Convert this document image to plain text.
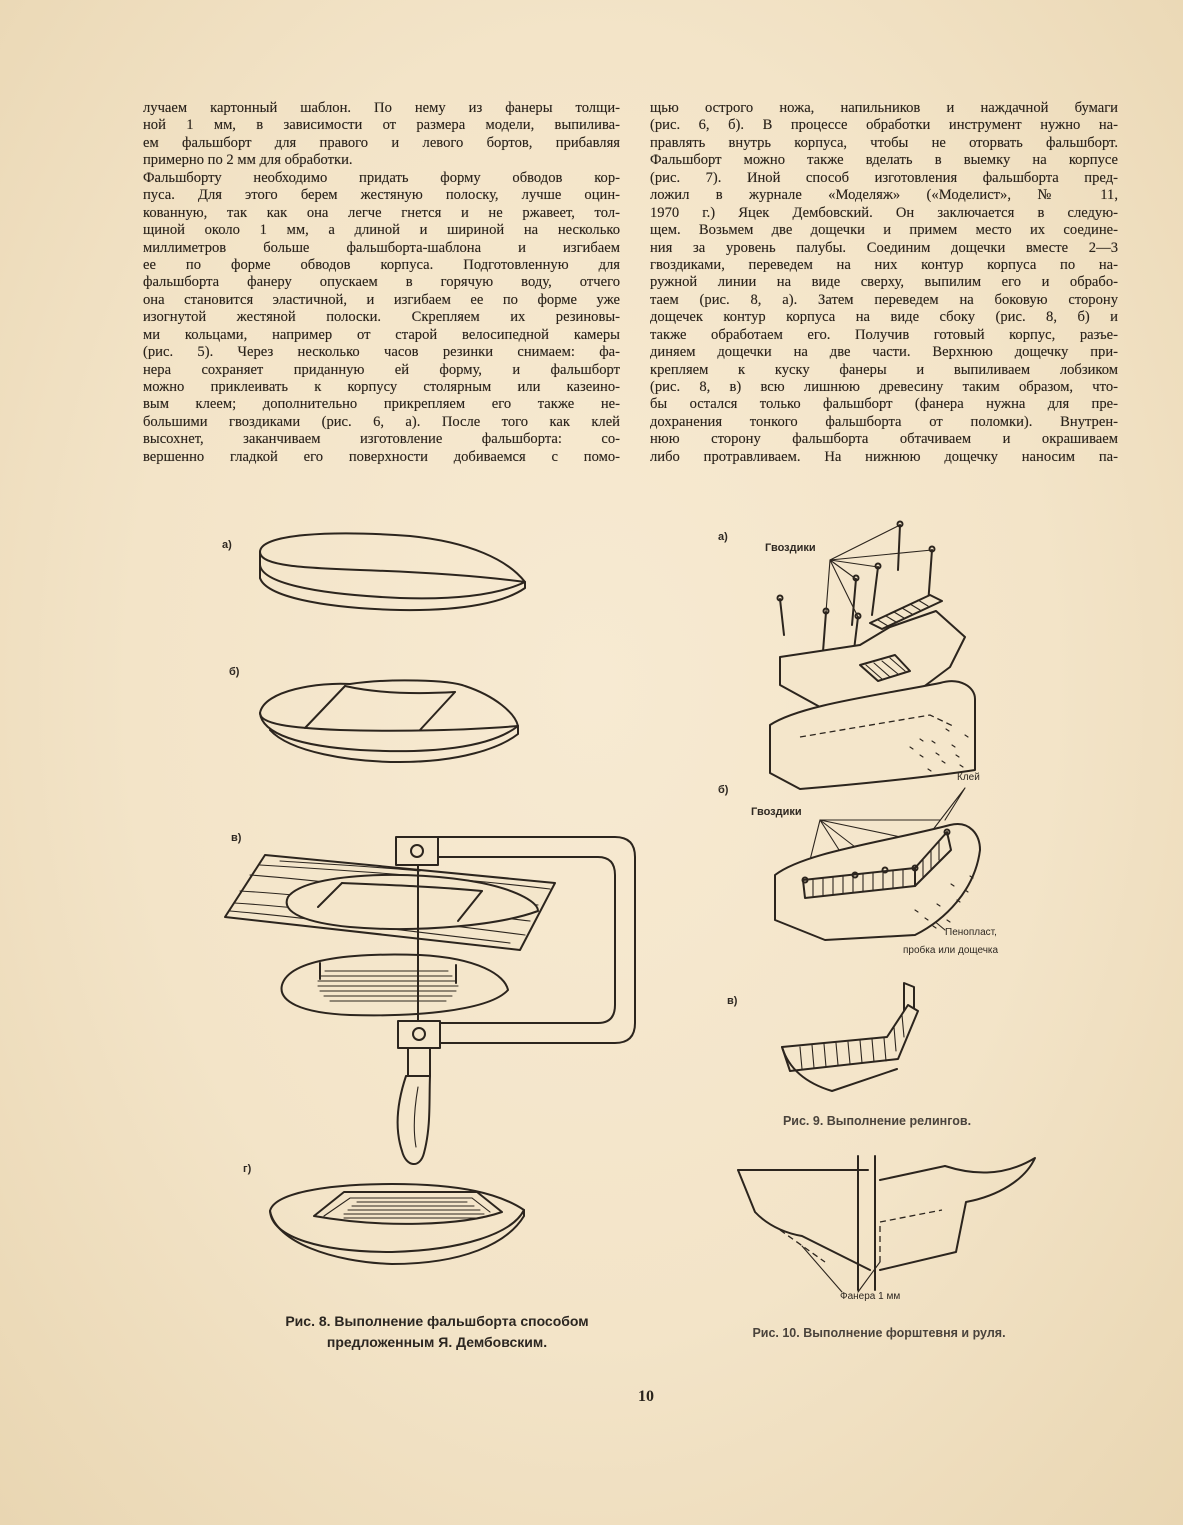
лучаем картонный шаблон. По нему из фанеры толщи-
ной 1 мм, в зависимости от размера модели, выпилива-
ем фальшборт для правого и левого бортов, прибавляя
примерно по 2 мм для обработки.
Фальшборту необходимо придать форму обводов кор-
пуса. Для этого берем жестяную полоску, лучше оцин-
кованную, так как она легче гнется и не ржавеет, тол-
щиной около 1 мм, а длиной и шириной на несколько
миллиметров больше фальшборта-шаблона и изгибаем
ее по форме обводов корпуса. Подготовленную для
фальшборта фанеру опускаем в горячую воду, отчего
она становится эластичной, и изгибаем ее по форме уже
изогнутой жестяной полоски. Скрепляем их резиновы-
ми кольцами, например от старой велосипедной камеры
(рис. 5). Через несколько часов резинки снимаем: фа-
нера сохраняет приданную ей форму, и фальшборт
можно приклеивать к корпусу столярным или казеино-
вым клеем; дополнительно прикрепляем его также не-
большими гвоздиками (рис. 6, а). После того как клей
высохнет, заканчиваем изготовление фальшборта: со-
вершенно гладкой его поверхности добиваемся с помо-
щью острого ножа, напильников и наждачной бумаги
(рис. 6, б). В процессе обработки инструмент нужно на-
правлять внутрь корпуса, чтобы не оторвать фальшборт.
Фальшборт можно также вделать в выемку на корпусе
(рис. 7). Иной способ изготовления фальшборта пред-
ложил в журнале «Моделяж» («Моделист», № 11,
1970 г.) Яцек Дембовский. Он заключается в следую-
щем. Возьмем две дощечки и примем место их соедине-
ния за уровень палубы. Соединим дощечки вместе 2—3
гвоздиками, переведем на них контур корпуса по на-
ружной линии на виде сверху, выпилим его и обрабо-
таем (рис. 8, а). Затем переведем на боковую сторону
дощечек контур корпуса на виде сбоку (рис. 8, б) и
также обработаем его. Получив готовый корпус, разъе-
диняем дощечки на две части. Верхнюю дощечку при-
крепляем к куску фанеры и выпиливаем лобзиком
(рис. 8, в) всю лишнюю древесину таким образом, что-
бы остался только фальшборт (фанера нужна для пре-
дохранения тонкого фальшборта от поломки). Внутрен-
нюю сторону фальшборта обтачиваем и окрашиваем
либо протравливаем. На нижнюю дощечку наносим па-
а)
б)
в)
г)
Рис. 8. Выполнение фальшборта способом
предложенным Я. Дембовским.
а)
Гвоздики
б)
Гвоздики
Клей
Пенопласт,
пробка или дощечка
в)
Рис. 9. Выполнение релингов.
Фанера 1 мм
Рис. 10. Выполнение форштевня и руля.
10
